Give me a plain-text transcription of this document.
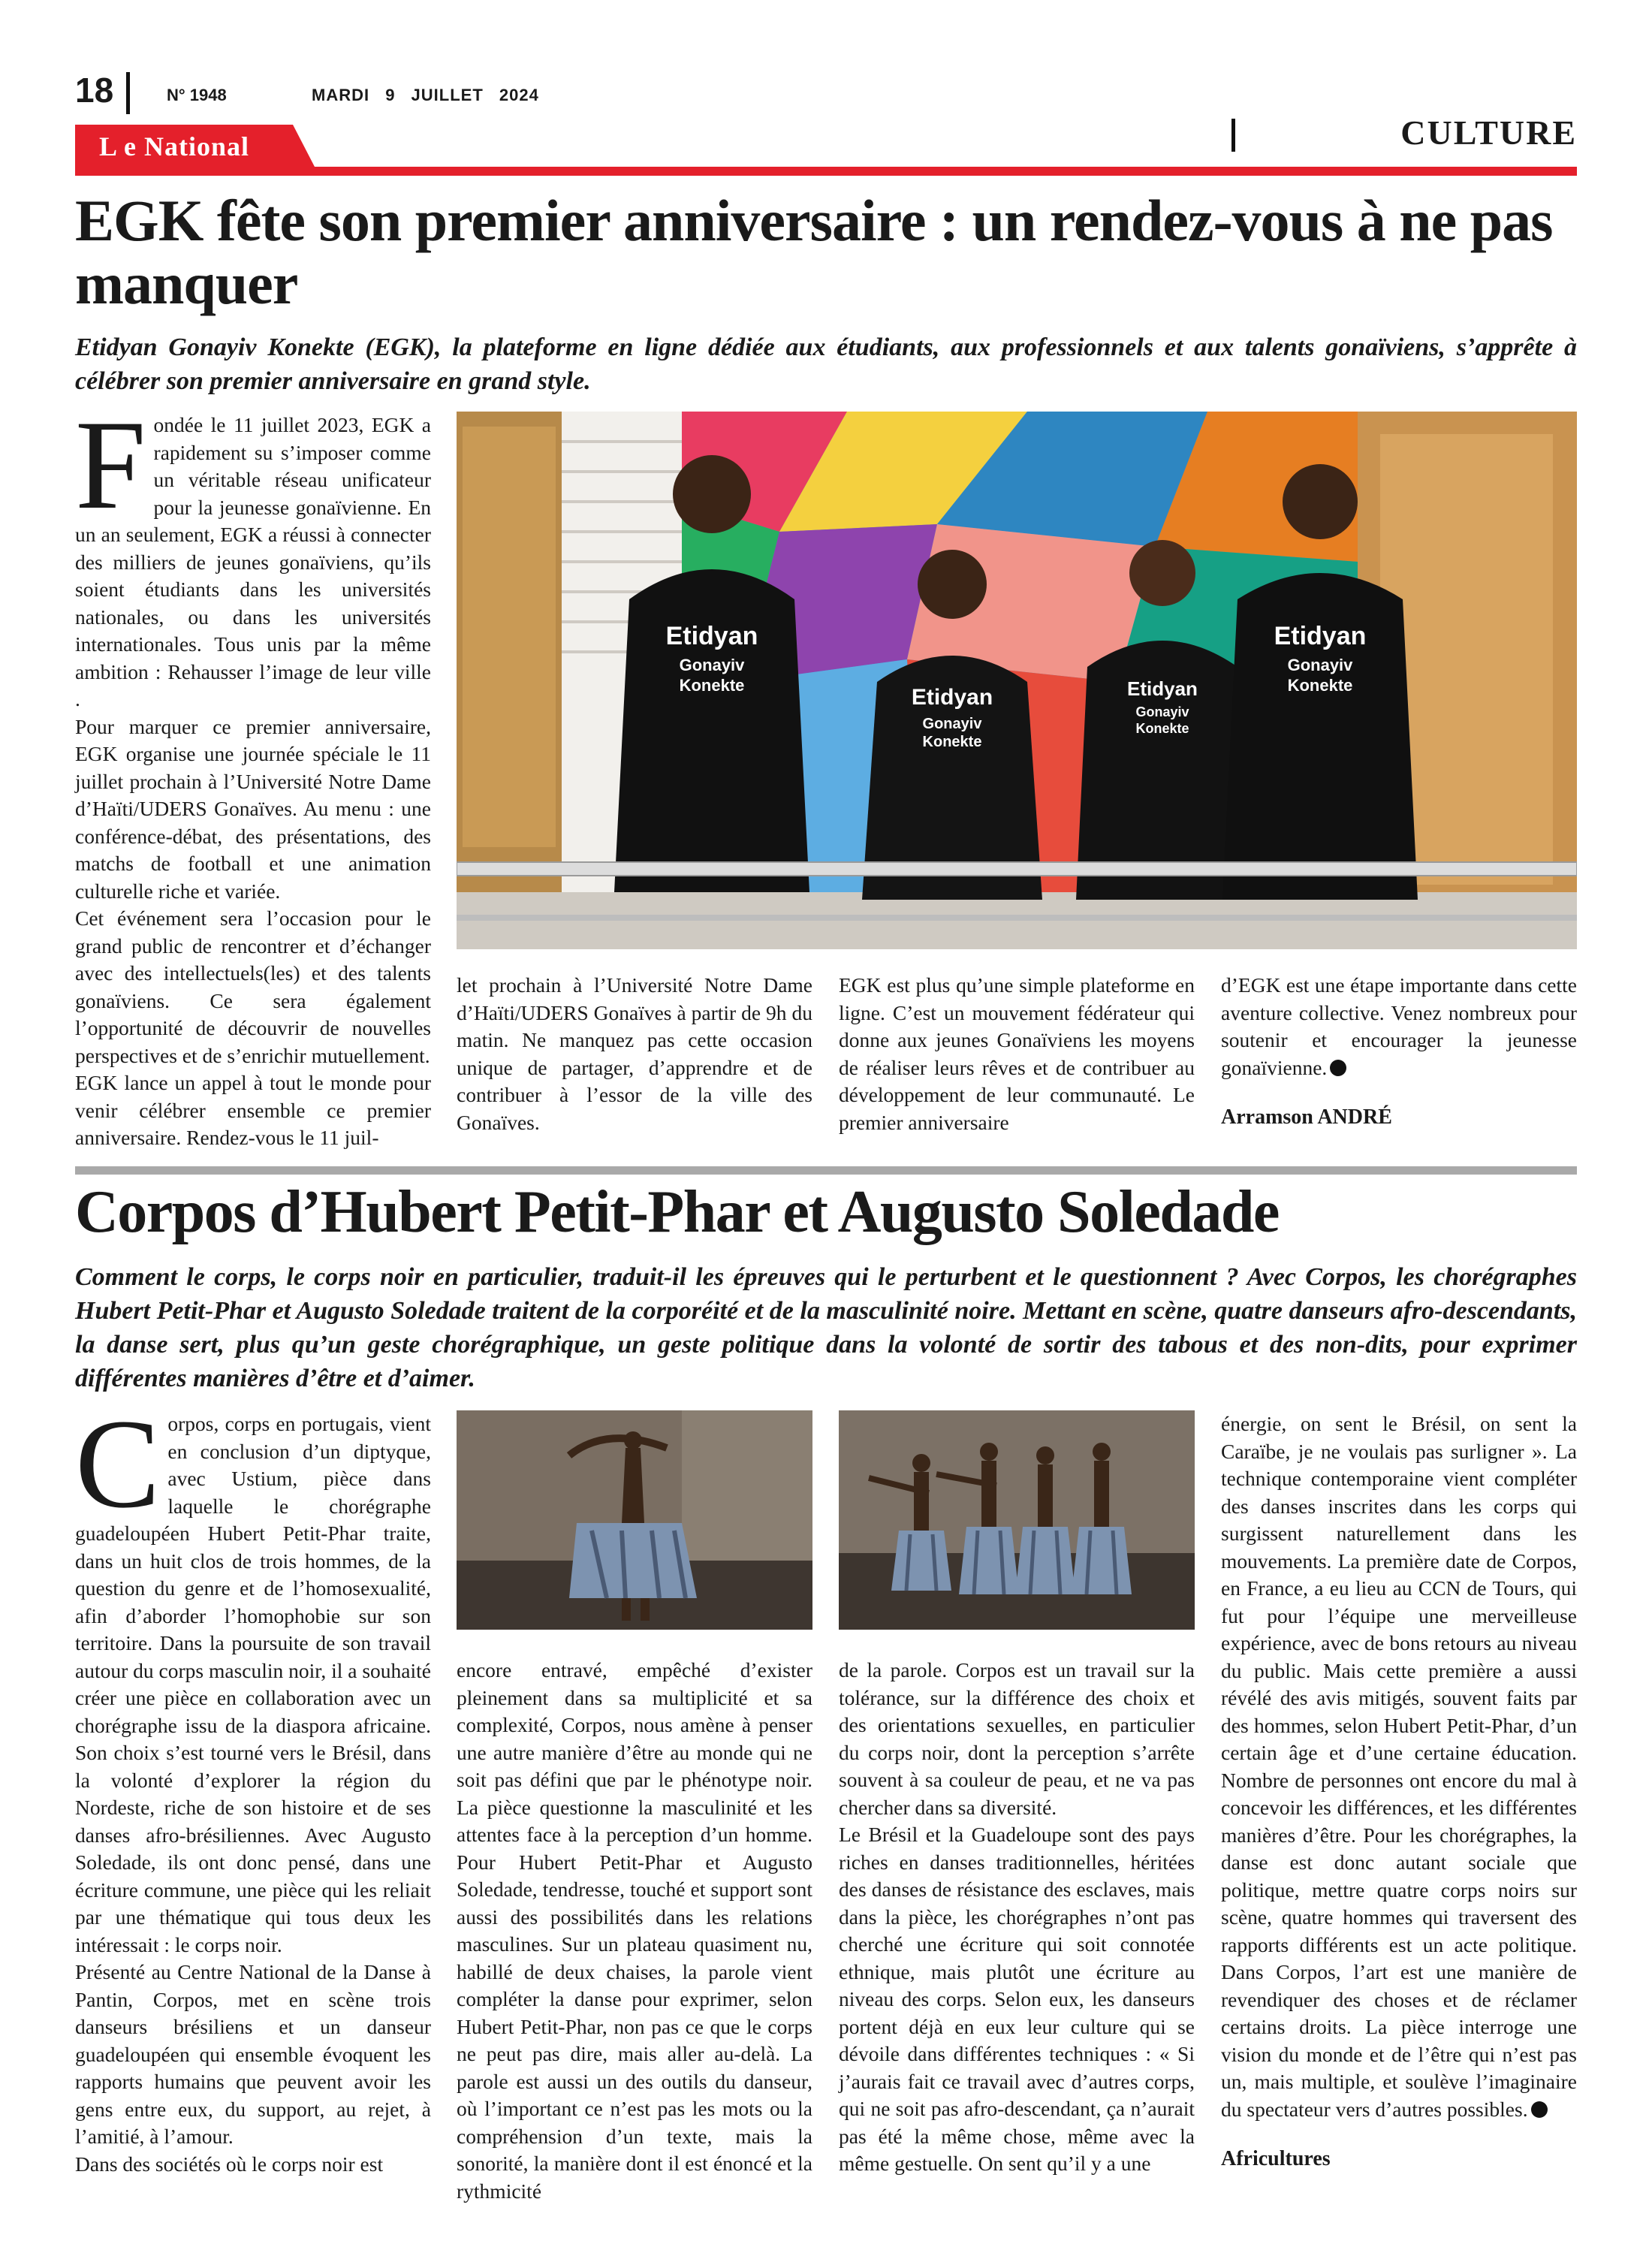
18	N° 1948	MARDI 9 JUILLET 2024
CULTURE
L e National
EGK fête son premier anniversaire : un rendez-vous à ne pas manquer

Etidyan Gonayiv Konekte (EGK), la plateforme en ligne dédiée aux étudiants, aux professionnels et aux talents gonaïviens, s’apprête à célébrer son premier anniversaire en grand style.

F ondée le 11 juillet 2023, EGK a rapidement su s’imposer comme un véritable réseau unificateur pour la jeunesse gonaïvienne. En un an seulement, EGK a réussi à connecter des milliers de jeunes gonaïviens, qu’ils soient étudiants dans les universités nationales, ou dans les universités internationales. Tous unis par la même ambition : Rehausser l’image de leur ville .

Pour marquer ce premier anniversaire, EGK organise une journée spéciale le 11 juillet prochain à l’Université Notre Dame d’Haïti/UDERS Gonaïves. Au menu : une conférence-débat, des présentations, des matchs de football et une animation culturelle riche et variée.

Cet événement sera l’occasion pour le grand public de rencontrer et d’échanger avec des intellectuels(les) et des talents gonaïviens. Ce sera également l’opportunité de découvrir de nouvelles perspectives et de s’enrichir mutuellement.

EGK lance un appel à tout le monde pour venir célébrer ensemble ce premier anniversaire. Rendez-vous le 11 juil-

Etidyan
Gonayiv
Konekte	Etidyan
Gonayiv
Konekte
Etidyan
Gonayiv
Konekte
Etidyan
Gonayiv
Konekte

let prochain à l’Université Notre Dame d’Haïti/UDERS Gonaïves à partir de 9h du matin. Ne manquez pas cette occasion unique de partager, d’apprendre et de contribuer à l’essor de la ville des Gonaïves.

EGK est plus qu’une simple plateforme en ligne. C’est un mouvement fédérateur qui donne aux jeunes Gonaïviens les moyens de réaliser leurs rêves et de contribuer au développement de leur communauté. Le premier anniversaire

d’EGK est une étape importante dans cette aventure collective. Venez nombreux pour soutenir et encourager la jeunesse gonaïvienne.

Arramson ANDRÉ

Corpos d’Hubert Petit-Phar et Augusto Soledade

Comment le corps, le corps noir en particulier, traduit-il les épreuves qui le perturbent et le questionnent ? Avec Corpos, les chorégraphes Hubert Petit-Phar et Augusto Soledade traitent de la corporéité et de la masculinité noire. Mettant en scène, quatre danseurs afro-descendants, la danse sert, plus qu’un geste chorégraphique, un geste politique dans la volonté de sortir des tabous et des non-dits, pour exprimer différentes manières d’être et d’aimer.

C orpos, corps en portugais, vient en conclusion d’un diptyque, avec Ustium, pièce dans laquelle le chorégraphe guadeloupéen Hubert Petit-Phar traite, dans un huit clos de trois hommes, de la question du genre et de l’homosexualité, afin d’aborder l’homophobie sur son territoire. Dans la poursuite de son travail autour du corps masculin noir, il a souhaité créer une pièce en collaboration avec un chorégraphe issu de la diaspora africaine. Son choix s’est tourné vers le Brésil, dans la volonté d’explorer la région du Nordeste, riche de son histoire et de ses danses afro-brésiliennes. Avec Augusto Soledade, ils ont donc pensé, dans une écriture commune, une pièce qui les reliait par une thématique qui tous deux les intéressait : le corps noir.

Présenté au Centre National de la Danse à Pantin, Corpos, met en scène trois danseurs brésiliens et un danseur guadeloupéen qui ensemble évoquent les rapports humains que peuvent avoir les gens entre eux, du support, au rejet, à l’amitié, à l’amour.

Dans des sociétés où le corps noir est

encore entravé, empêché d’exister pleinement dans sa multiplicité et sa complexité, Corpos, nous amène à penser une autre manière d’être au monde qui ne soit pas défini que par le phénotype noir. La pièce questionne la masculinité et les attentes face à la perception d’un homme. Pour Hubert Petit-Phar et Augusto Soledade, tendresse, touché et support sont aussi des possibilités dans les relations masculines. Sur un plateau quasiment nu, habillé de deux chaises, la parole vient compléter la danse pour exprimer, selon Hubert Petit-Phar, non pas ce que le corps ne peut pas dire, mais aller au-delà. La parole est aussi un des outils du danseur, où l’important ce n’est pas les mots ou la compréhension d’un texte, mais la sonorité, la manière dont il est énoncé et la rythmicité

de la parole. Corpos est un travail sur la tolérance, sur la différence des choix et des orientations sexuelles, en particulier du corps noir, dont la perception s’arrête souvent à sa couleur de peau, et ne va pas chercher dans sa diversité.

Le Brésil et la Guadeloupe sont des pays riches en danses traditionnelles, héritées des danses de résistance des esclaves, mais dans la pièce, les chorégraphes n’ont pas cherché une écriture qui soit connotée ethnique, mais plutôt une écriture au niveau des corps. Selon eux, les danseurs portent déjà en eux leur culture qui se dévoile dans différentes techniques : « Si j’aurais fait ce travail avec d’autres corps, qui ne soit pas afro-descendant, ça n’aurait pas été la même chose, même avec la même gestuelle. On sent qu’il y a une

énergie, on sent le Brésil, on sent la Caraïbe, je ne voulais pas surligner ». La technique contemporaine vient compléter des danses inscrites dans les corps qui surgissent naturellement dans les mouvements. La première date de Corpos, en France, a eu lieu au CCN de Tours, qui fut pour l’équipe une merveilleuse expérience, avec de bons retours au niveau du public. Mais cette première a aussi révélé des avis mitigés, souvent faits par des hommes, selon Hubert Petit-Phar, d’un certain âge et d’une certaine éducation. Nombre de personnes ont encore du mal à concevoir les différences, et les différentes manières d’être. Pour les chorégraphes, la danse est donc autant sociale que politique, mettre quatre corps noirs sur scène, quatre hommes qui traversent des rapports différents est un acte politique. Dans Corpos, l’art est une manière de revendiquer des choses et de réclamer certains droits. La pièce interroge une vision du monde et de l’être qui n’est pas un, mais multiple, et soulève l’imaginaire du spectateur vers d’autres possibles.

Africultures
